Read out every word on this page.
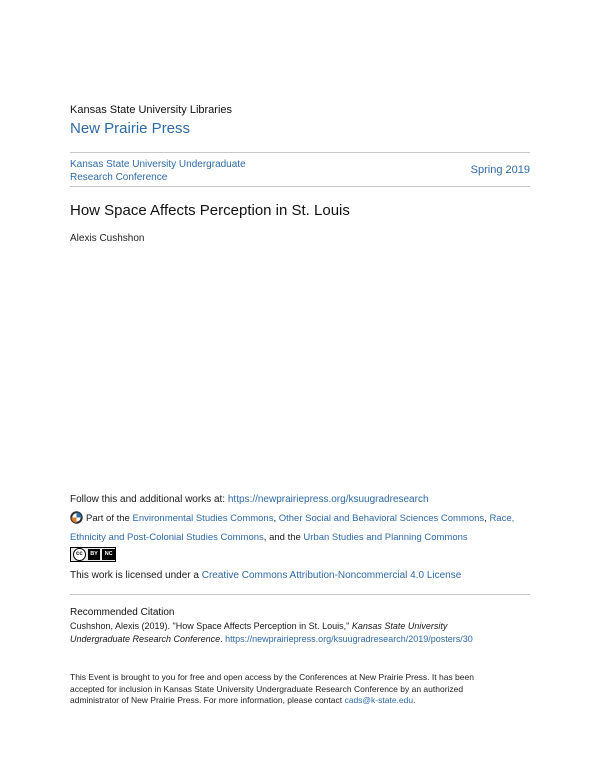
Kansas State University Libraries
New Prairie Press
Kansas State University Undergraduate
Research Conference
Spring 2019
How Space Affects Perception in St. Louis
Alexis Cushshon
Follow this and additional works at: https://newprairiepress.org/ksuugradresearch
Part of the Environmental Studies Commons, Other Social and Behavioral Sciences Commons, Race,
Ethnicity and Post-Colonial Studies Commons, and the Urban Studies and Planning Commons
cc	BY	NC
This work is licensed under a Creative Commons Attribution-Noncommercial 4.0 License
Recommended Citation
Cushshon, Alexis (2019). "How Space Affects Perception in St. Louis," Kansas State University
Undergraduate Research Conference. https://newprairiepress.org/ksuugradresearch/2019/posters/30
This Event is brought to you for free and open access by the Conferences at New Prairie Press. It has been
accepted for inclusion in Kansas State University Undergraduate Research Conference by an authorized
administrator of New Prairie Press. For more information, please contact cads@k-state.edu.
